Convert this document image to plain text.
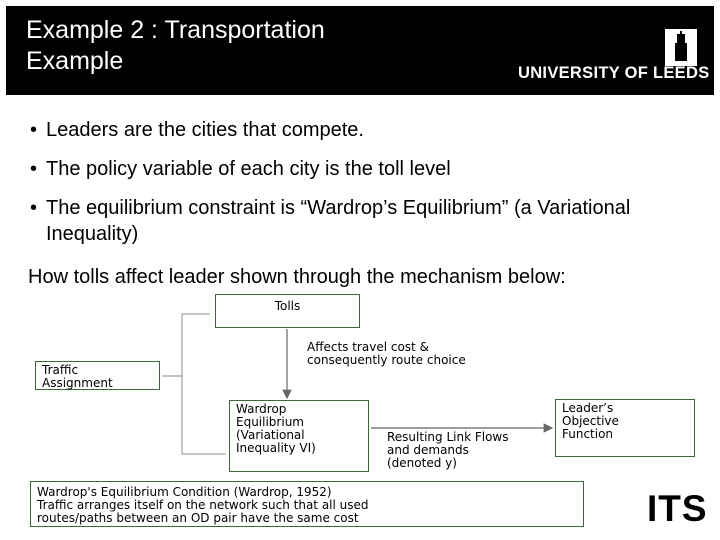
Example 2 : Transportation
Example	UNIVERSITY OF LEEDS
• Leaders are the cities that compete.
• The policy variable of each city is the toll level
• The equilibrium constraint is “Wardrop’s Equilibrium” (a Variational Inequality)
How tolls affect leader shown through the mechanism below:
Tolls
Affects travel cost &
consequently route choice
Traffic
Assignment
Wardrop
Equilibrium
(Variational
Inequality VI)
Resulting Link Flows
and demands
(denoted y)
Leader’s
Objective
Function
Wardrop's Equilibrium Condition (Wardrop, 1952)
Traffic arranges itself on the network such that all used
routes/paths between an OD pair have the same cost	ITS
